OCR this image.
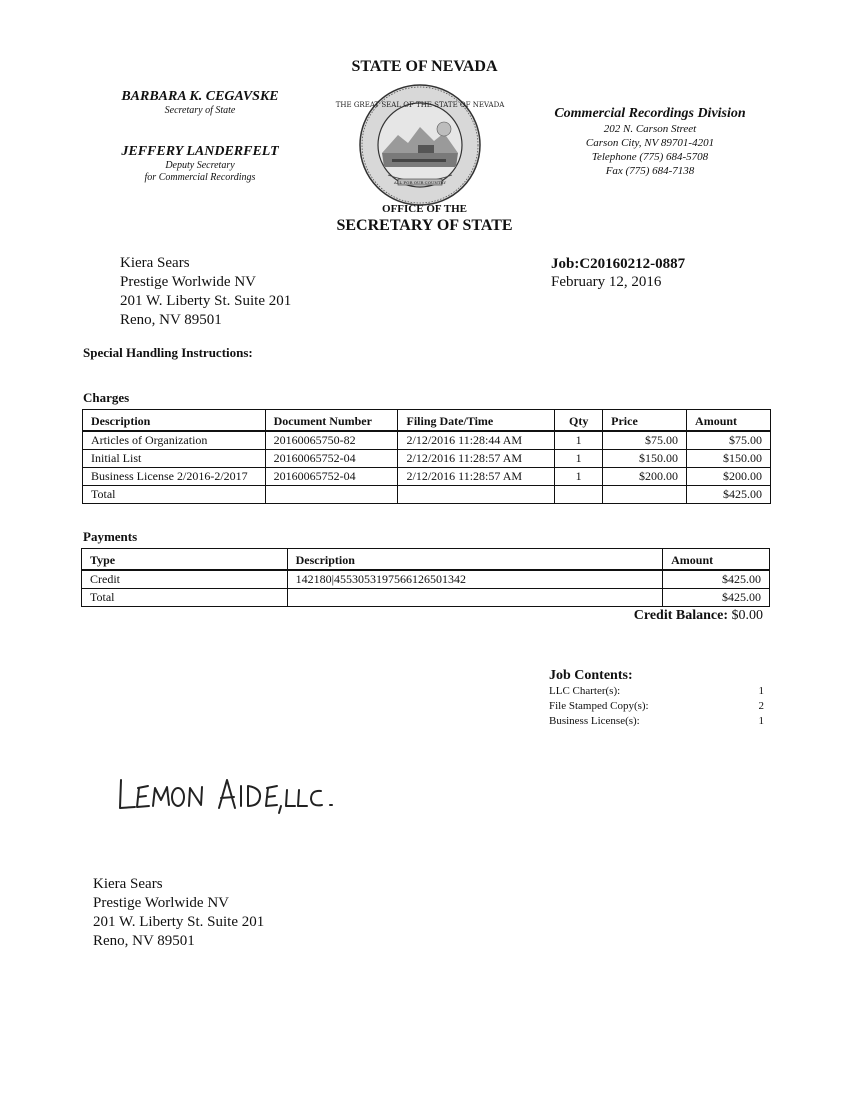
STATE OF NEVADA
BARBARA K. CEGAVSKE
Secretary of State
JEFFERY LANDERFELT
Deputy Secretary
for Commercial Recordings
THE GREAT SEAL OF THE STATE OF NEVADA
ALL FOR OUR COUNTRY
Commercial Recordings Division
202 N. Carson Street
Carson City, NV 89701-4201
Telephone (775) 684-5708
Fax (775) 684-7138
OFFICE OF THE
SECRETARY OF STATE
Kiera Sears
Prestige Worlwide NV
201 W. Liberty St. Suite 201
Reno, NV 89501
Job:C20160212-0887
February 12, 2016
Special Handling Instructions:
Charges
Description	Document Number	Filing Date/Time	Qty	Price	Amount
Articles of Organization	20160065750-82	2/12/2016 11:28:44 AM	1	$75.00	$75.00
Initial List	20160065752-04	2/12/2016 11:28:57 AM	1	$150.00	$150.00
Business License 2/2016-2/2017	20160065752-04	2/12/2016 11:28:57 AM	1	$200.00	$200.00
Total					$425.00
Payments
Type	Description	Amount
Credit	142180|4553053197566126501342	$425.00
Total		$425.00
Credit Balance: $0.00
Job Contents:
LLC Charter(s):	1
File Stamped Copy(s):	2
Business License(s):	1
Kiera Sears
Prestige Worlwide NV
201 W. Liberty St. Suite 201
Reno, NV 89501
